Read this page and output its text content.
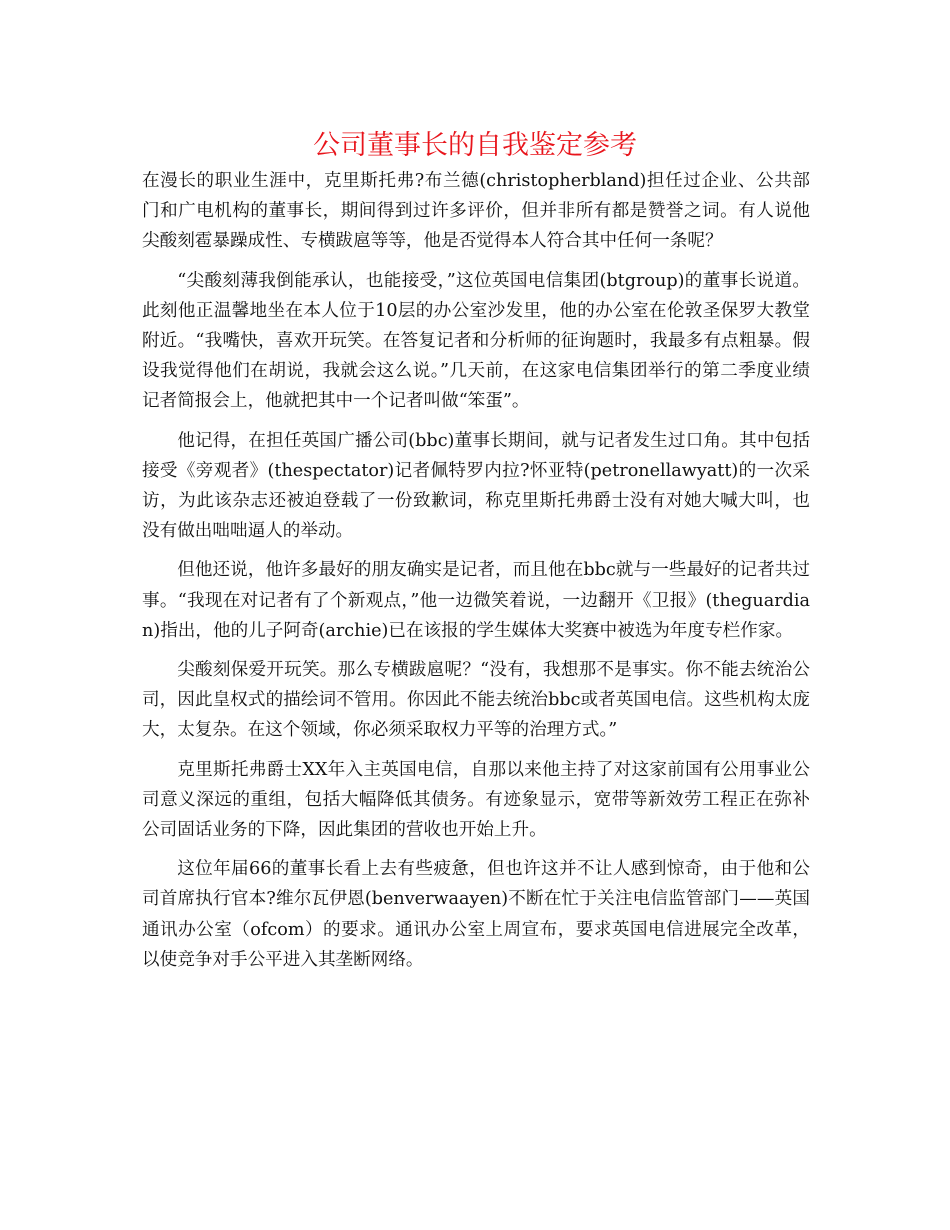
公司董事长的自我鉴定参考

在漫长的职业生涯中，克里斯托弗?布兰德(christopherbland)担任过企业、公共部门和广电机构的董事长，期间得到过许多评价，但并非所有都是赞誉之词。有人说他尖酸刻雹暴躁成性、专横跋扈等等，他是否觉得本人符合其中任何一条呢？

“尖酸刻薄我倒能承认，也能接受，”这位英国电信集团(btgroup)的董事长说道。此刻他正温馨地坐在本人位于10层的办公室沙发里，他的办公室在伦敦圣保罗大教堂附近。“我嘴快，喜欢开玩笑。在答复记者和分析师的征询题时，我最多有点粗暴。假设我觉得他们在胡说，我就会这么说。”几天前，在这家电信集团举行的第二季度业绩记者简报会上，他就把其中一个记者叫做“笨蛋”。

他记得，在担任英国广播公司(bbc)董事长期间，就与记者发生过口角。其中包括接受《旁观者》(thespectator)记者佩特罗内拉?怀亚特(petronellawyatt)的一次采访，为此该杂志还被迫登载了一份致歉词，称克里斯托弗爵士没有对她大喊大叫，也没有做出咄咄逼人的举动。

但他还说，他许多最好的朋友确实是记者，而且他在bbc就与一些最好的记者共过事。“我现在对记者有了个新观点，”他一边微笑着说，一边翻开《卫报》(theguardian)指出，他的儿子阿奇(archie)已在该报的学生媒体大奖赛中被选为年度专栏作家。

尖酸刻保爱开玩笑。那么专横跋扈呢？“没有，我想那不是事实。你不能去统治公司，因此皇权式的描绘词不管用。你因此不能去统治bbc或者英国电信。这些机构太庞大，太复杂。在这个领域，你必须采取权力平等的治理方式。”

克里斯托弗爵士XX年入主英国电信，自那以来他主持了对这家前国有公用事业公司意义深远的重组，包括大幅降低其债务。有迹象显示，宽带等新效劳工程正在弥补公司固话业务的下降，因此集团的营收也开始上升。

这位年届66的董事长看上去有些疲惫，但也许这并不让人感到惊奇，由于他和公司首席执行官本?维尔瓦伊恩(benverwaayen)不断在忙于关注电信监管部门——英国通讯办公室（ofcom）的要求。通讯办公室上周宣布，要求英国电信进展完全改革，以使竞争对手公平进入其垄断网络。
